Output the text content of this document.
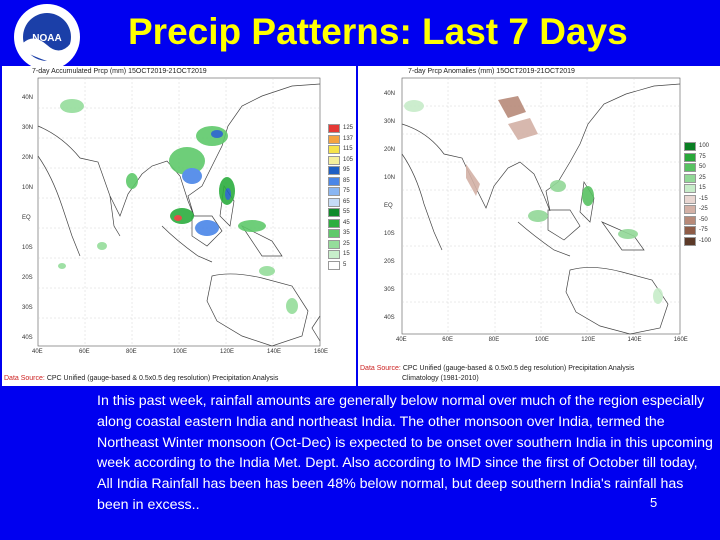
Precip Patterns: Last 7 Days
NOAA
7-day Accumulated Prcp (mm) 15OCT2019-21OCT2019
40N
30N
20N
10N
EQ
10S
20S
30S
40S
40E	60E	80E	100E	120E	140E	160E
125
137
115
105
95
85
75
65
55
45
35
25
15
5
Data Source: CPC Unified (gauge-based & 0.5x0.5 deg resolution) Precipitation Analysis
7-day Prcp Anomalies (mm) 15OCT2019-21OCT2019
40N
30N
20N
10N
EQ
10S
20S
30S
40S
40E	60E	80E	100E	120E	140E	160E
100
75
50
25
15
-15
-25
-50
-75
-100
Data Source: CPC Unified (gauge-based & 0.5x0.5 deg resolution) Precipitation Analysis
Climatology (1981-2010)
In this past week, rainfall amounts are generally below normal over much of the region especially along coastal eastern India and northeast India. The other monsoon over India, termed the Northeast Winter monsoon (Oct-Dec) is expected to be onset over southern India in this upcoming week according to the India Met. Dept. Also according to IMD since the first of October till today, All India Rainfall has been has been 48% below normal, but deep southern India's rainfall has been in excess..	5
